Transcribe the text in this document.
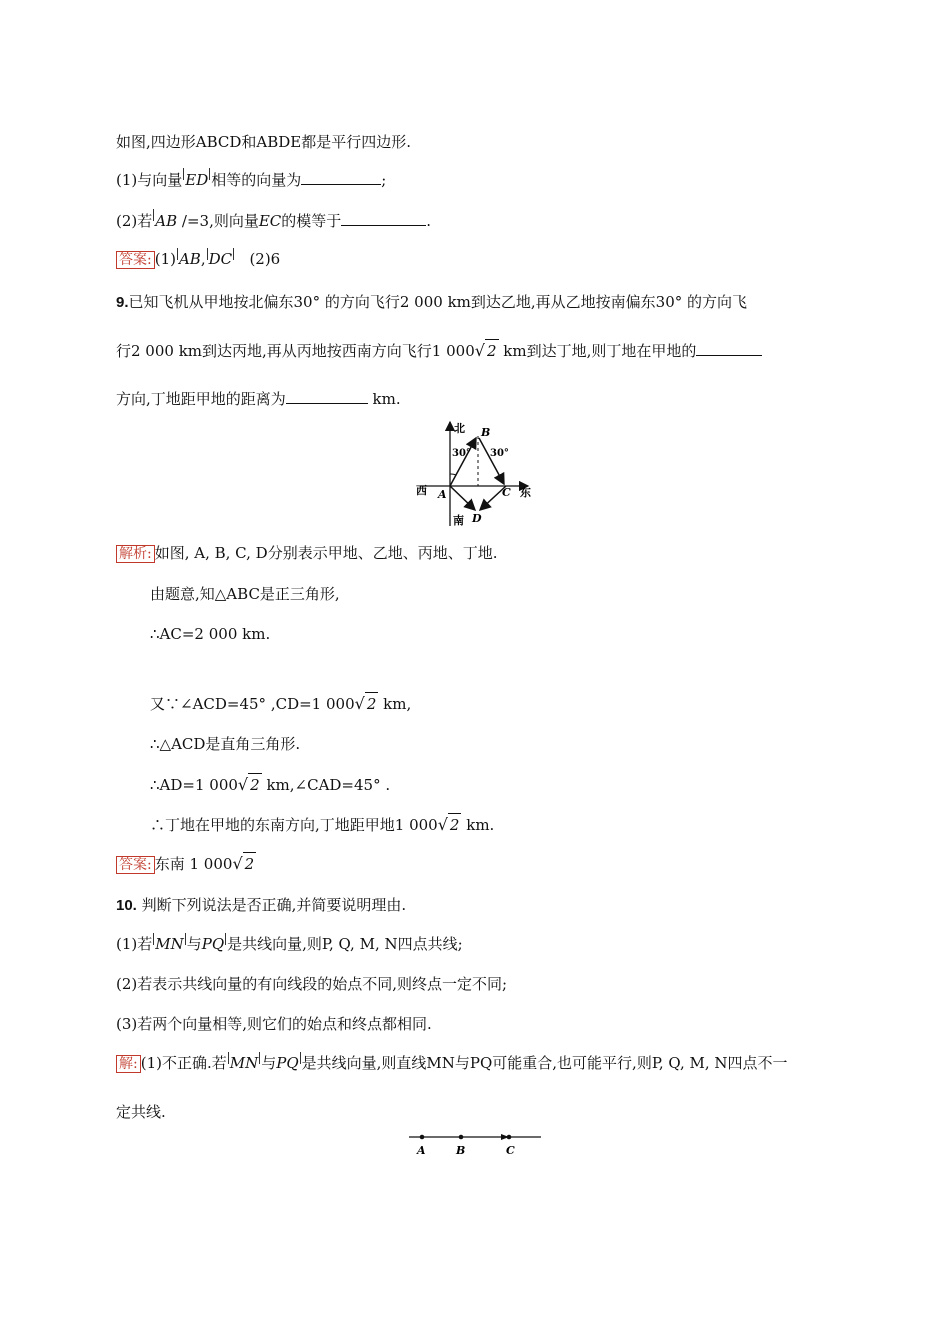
如图,四边形ABCD和ABDE都是平行四边形.
(1)与向量 ED 相等的向量为	;
(2)若 AB /=3,则向量EC的模等于	.
答案: (1) AB, DC (2)6
9.已知飞机从甲地按北偏东30° 的方向飞行2 000 km到达乙地,再从乙地按南偏东30° 的方向飞
行2 000 km到达丙地,再从丙地按西南方向飞行1 000 √ 2 km到达丁地,则丁地在甲地的
方向,丁地距甲地的距离为	km.
北
南
西	东
30° 30°
A
B
C
D
解析: 如图, A, B, C, D分别表示甲地、乙地、丙地、丁地.
由题意,知△ABC是正三角形,
∴AC=2 000 km.
又∵∠ACD=45° ,CD=1 000 √ 2 km,
∴△ACD是直角三角形.
∴AD=1 000 √ 2 km,∠CAD=45° .
∴丁地在甲地的东南方向,丁地距甲地1 000 √ 2 km.
答案: 东南 1 000 √ 2
10. 判断下列说法是否正确,并简要说明理由.
(1)若 MN 与PQ 是共线向量,则P, Q, M, N四点共线;
(2)若表示共线向量的有向线段的始点不同,则终点一定不同;
(3)若两个向量相等,则它们的始点和终点都相同.
解: (1)不正确.若 MN 与PQ 是共线向量,则直线MN与PQ可能重合,也可能平行,则P, Q, M, N四点不一
定共线.
A	B	C
